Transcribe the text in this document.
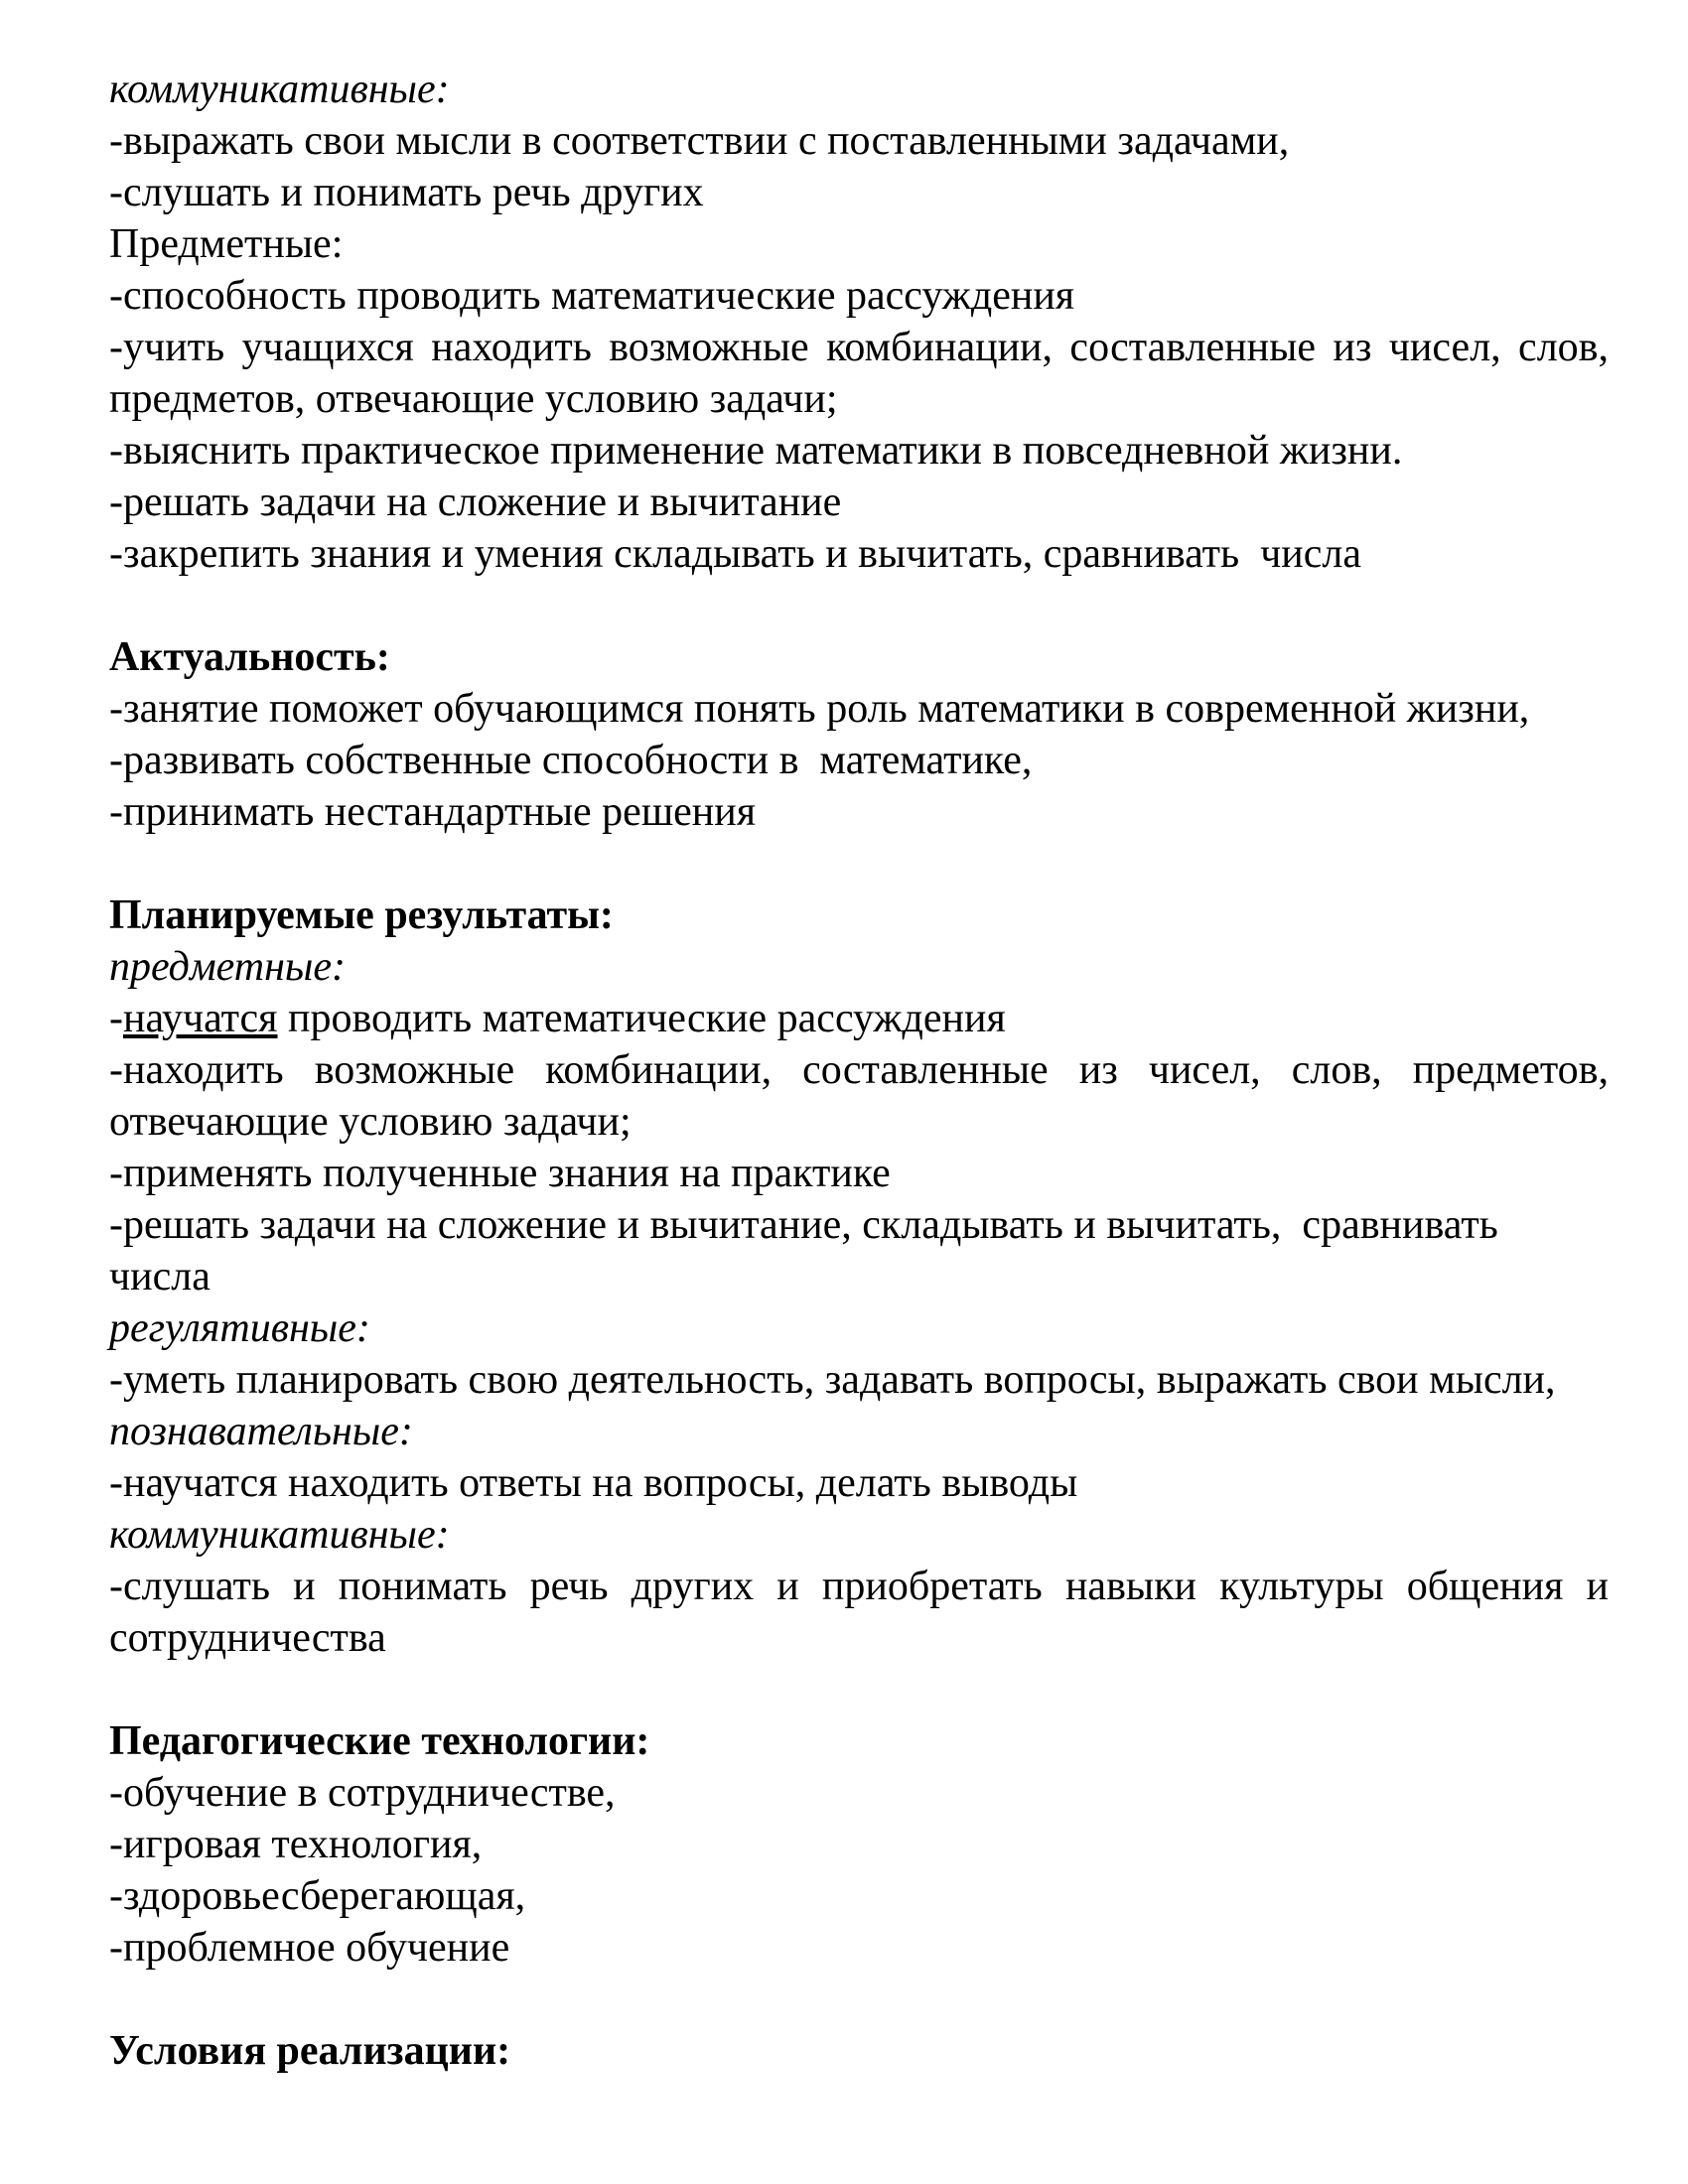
коммуникативные:

-выражать свои мысли в соответствии с поставленными задачами,

-слушать и понимать речь других

Предметные:

-способность проводить математические рассуждения

-учить учащихся находить возможные комбинации, составленные из чисел, слов,

предметов, отвечающие условию задачи;

-выяснить практическое применение математики в повседневной жизни.

-решать задачи на сложение и вычитание

-закрепить знания и умения складывать и вычитать, сравнивать  числа

Актуальность:

-занятие поможет обучающимся понять роль математики в современной жизни,

-развивать собственные способности в  математике,

-принимать нестандартные решения

Планируемые результаты:

предметные:

-научатся проводить математические рассуждения

-находить возможные комбинации, составленные из чисел, слов, предметов,

отвечающие условию задачи;

-применять полученные знания на практике

-решать задачи на сложение и вычитание, складывать и вычитать,  сравнивать  числа

регулятивные:

-уметь планировать свою деятельность, задавать вопросы, выражать свои мысли,

познавательные:

-научатся находить ответы на вопросы, делать выводы

коммуникативные:

-слушать и понимать речь других и приобретать навыки культуры общения и

сотрудничества

Педагогические технологии:

-обучение в сотрудничестве,

-игровая технология,

-здоровьесберегающая,

-проблемное обучение

Условия реализации:
